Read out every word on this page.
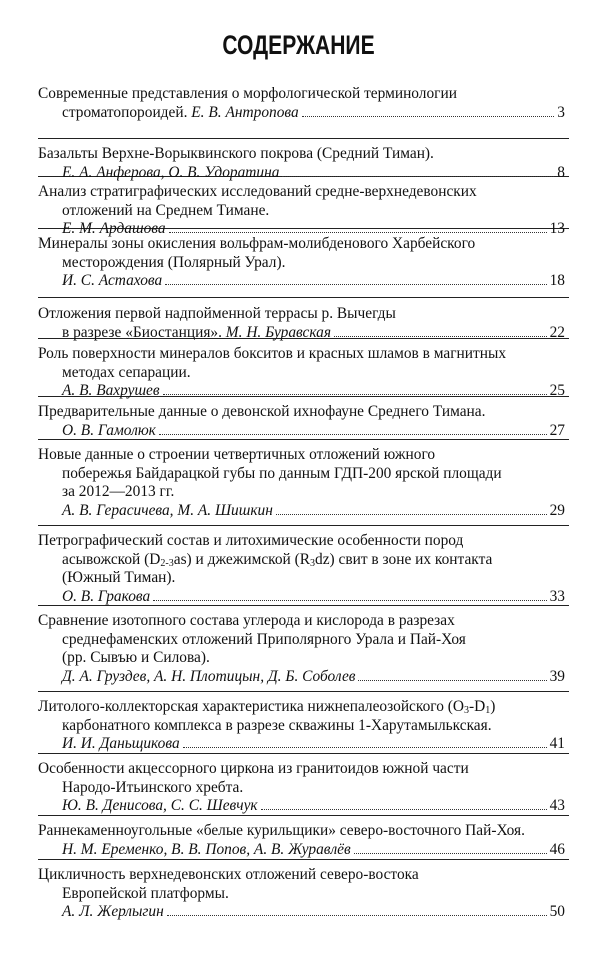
СОДЕРЖАНИЕ
Современные представления о морфологической терминологии
строматопороидей. Е. В. Антропова	3
Базальты Верхне-Ворыквинского покрова (Средний Тиман).
Е. А. Анферова, О. В. Удоратина	8
Анализ стратиграфических исследований средне-верхнедевонских
отложений на Среднем Тимане.
Е. М. Ардашова	13
Минералы зоны окисления вольфрам-молибденового Харбейского
месторождения (Полярный Урал).
И. С. Астахова	18
Отложения первой надпойменной террасы р. Вычегды
в разрезе «Биостанция». М. Н. Буравская	22
Роль поверхности минералов бокситов и красных шламов в магнитных
методах сепарации.
А. В. Вахрушев	25
Предварительные данные о девонской ихнофауне Среднего Тимана.
О. В. Гамолюк	27
Новые данные о строении четвертичных отложений южного
побережья Байдарацкой губы по данным ГДП-200 ярской площади
за 2012—2013 гг.
А. В. Герасичева, М. А. Шишкин	29
Петрографический состав и литохимические особенности пород
асывожской $(D_{2-3}as)$ и джежимской $(R_3dz)$ свит в зоне их контакта
(Южный Тиман).
О. В. Гракова	33
Сравнение изотопного состава углерода и кислорода в разрезах
среднефаменских отложений Приполярного Урала и Пай-Хоя
(рр. Сывъю и Силова).
Д. А. Груздев, А. Н. Плотицын, Д. Б. Соболев	39
Литолого-коллекторская характеристика нижнепалеозойского $(O_3-D_1)$
карбонатного комплекса в разрезе скважины 1-Харутамылькская.
И. И. Даньщикова	41
Особенности акцессорного циркона из гранитоидов южной части
Народо-Итьинского хребта.
Ю. В. Денисова, С. С. Шевчук	43
Раннекаменноугольные «белые курильщики» северо-восточного Пай-Хоя.
Н. М. Еременко, В. В. Попов, А. В. Журавлёв	46
Цикличность верхнедевонских отложений северо-востока
Европейской платформы.
А. Л. Жерлыгин	50
